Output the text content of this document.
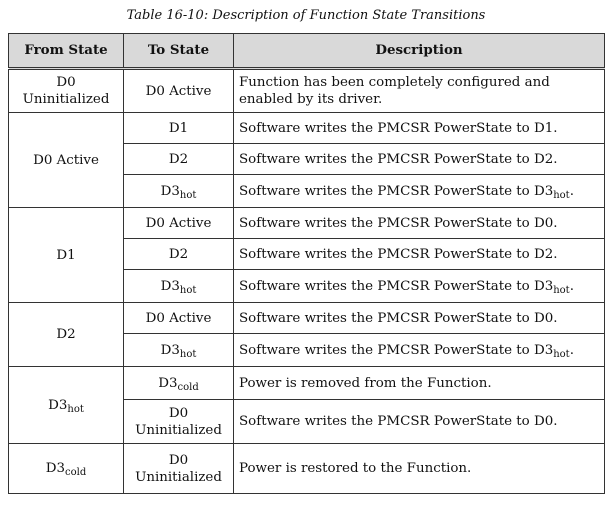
Table 16-10: Description of Function State Transitions
From State	To State	Description
D0 Uninitialized	D0 Active	Function has been completely configured and enabled by its driver.
D0 Active	D1	Software writes the PMCSR PowerState to D1.
	D2	Software writes the PMCSR PowerState to D2.
	$D3_{hot}$	Software writes the PMCSR PowerState to $D3_{hot}$.
D1	D0 Active	Software writes the PMCSR PowerState to D0.
	D2	Software writes the PMCSR PowerState to D2.
	$D3_{hot}$	Software writes the PMCSR PowerState to $D3_{hot}$.
D2	D0 Active	Software writes the PMCSR PowerState to D0.
	$D3_{hot}$	Software writes the PMCSR PowerState to $D3_{hot}$.
$D3_{hot}$	$D3_{cold}$	Power is removed from the Function.
	D0 Uninitialized	Software writes the PMCSR PowerState to D0.
$D3_{cold}$	D0 Uninitialized	Power is restored to the Function.
